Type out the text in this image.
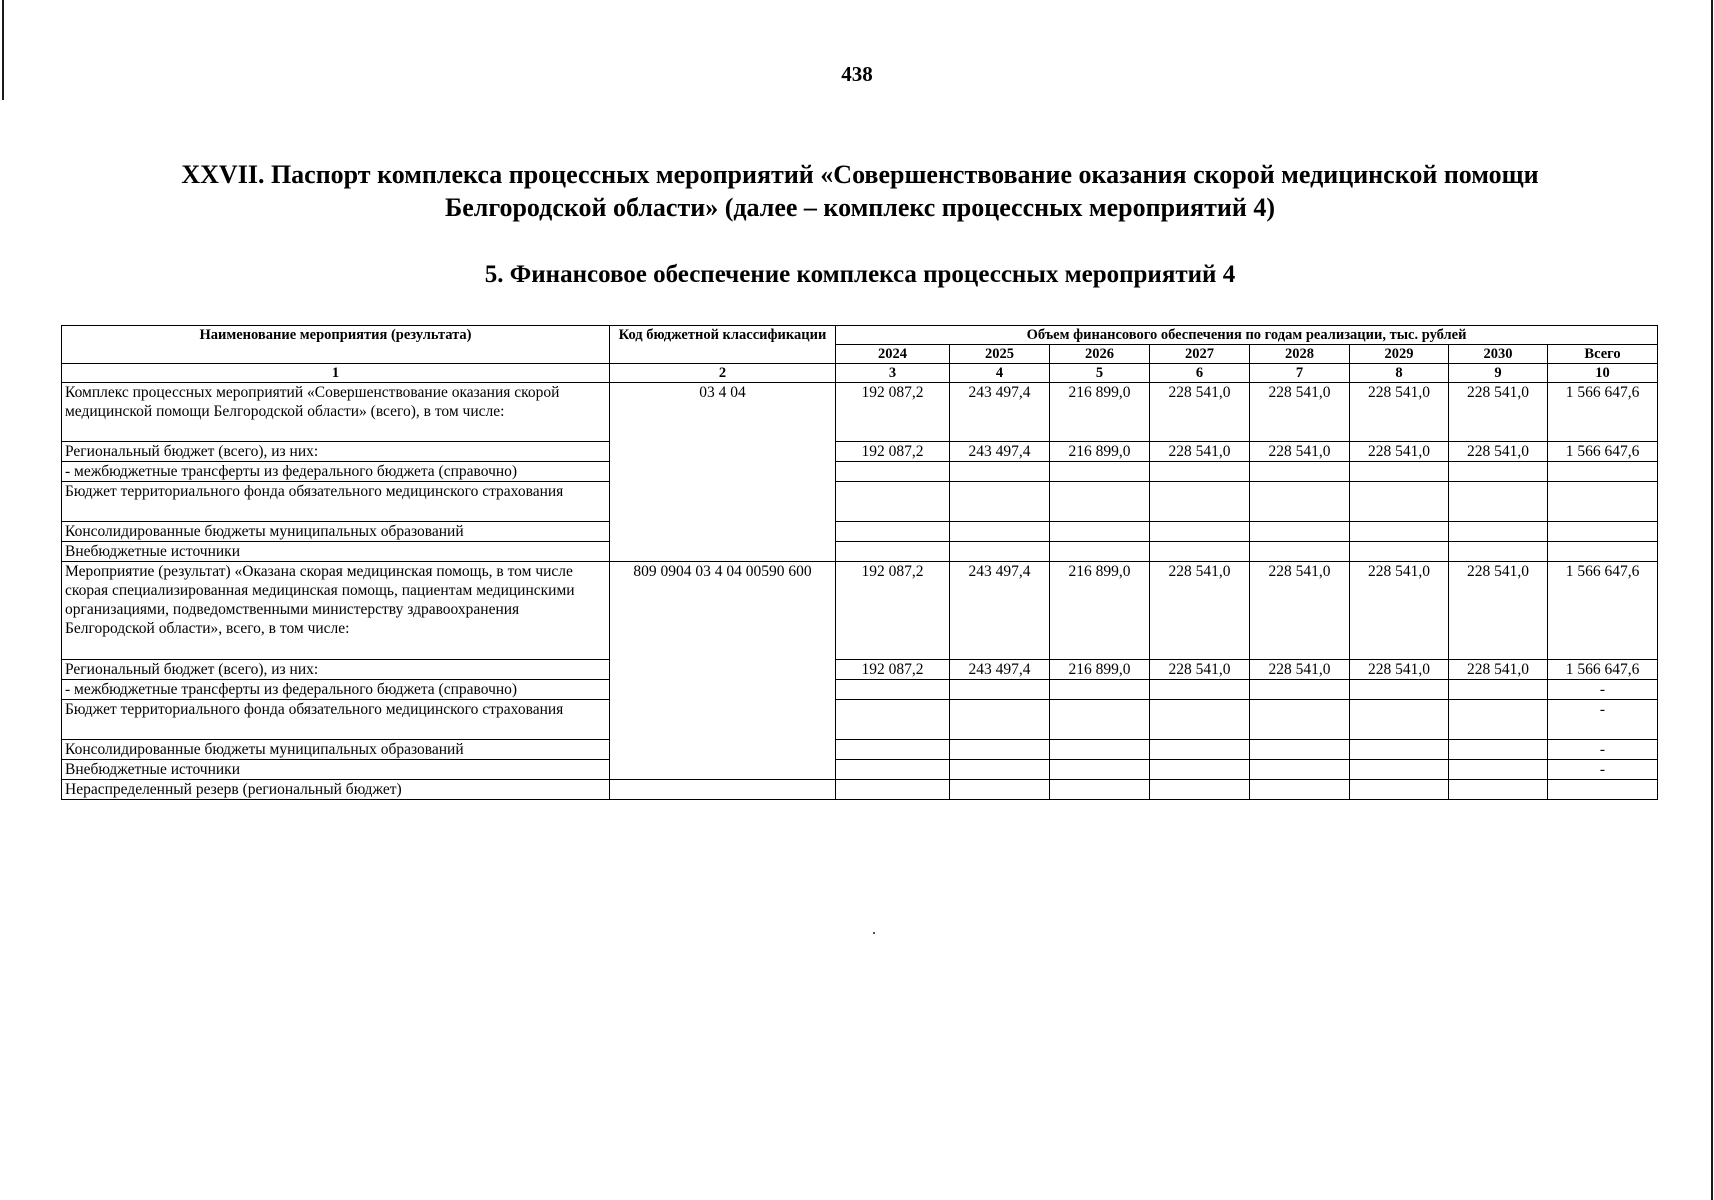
438
XXVII. Паспорт комплекса процессных мероприятий «Совершенствование оказания скорой медицинской помощи
Белгородской области» (далее – комплекс процессных мероприятий 4)
5. Финансовое обеспечение комплекса процессных мероприятий 4
Наименование мероприятия (результата)	Код бюджетной классификации	Объем финансового обеспечения по годам реализации, тыс. рублей							
		2024	2025	2026	2027	2028	2029	2030	Всего
1	2	3	4	5	6	7	8	9	10
Комплекс процессных мероприятий «Совершенствование оказания скорой медицинской помощи Белгородской области» (всего), в том числе:	03 4 04	192 087,2	243 497,4	216 899,0	228 541,0	228 541,0	228 541,0	228 541,0	1 566 647,6
Региональный бюджет (всего), из них:		192 087,2	243 497,4	216 899,0	228 541,0	228 541,0	228 541,0	228 541,0	1 566 647,6
- межбюджетные трансферты из федерального бюджета (справочно)									
Бюджет территориального фонда обязательного медицинского страхования									
Консолидированные бюджеты муниципальных образований									
Внебюджетные источники									
Мероприятие (результат) «Оказана скорая медицинская помощь, в том числе скорая специализированная медицинская помощь, пациентам медицинскими организациями, подведомственными министерству здравоохранения Белгородской области», всего, в том числе:	809 0904 03 4 04 00590 600	192 087,2	243 497,4	216 899,0	228 541,0	228 541,0	228 541,0	228 541,0	1 566 647,6
Региональный бюджет (всего), из них:		192 087,2	243 497,4	216 899,0	228 541,0	228 541,0	228 541,0	228 541,0	1 566 647,6
- межбюджетные трансферты из федерального бюджета (справочно)									-
Бюджет территориального фонда обязательного медицинского страхования									-
Консолидированные бюджеты муниципальных образований									-
Внебюджетные источники									-
Нераспределенный резерв (региональный бюджет)									
